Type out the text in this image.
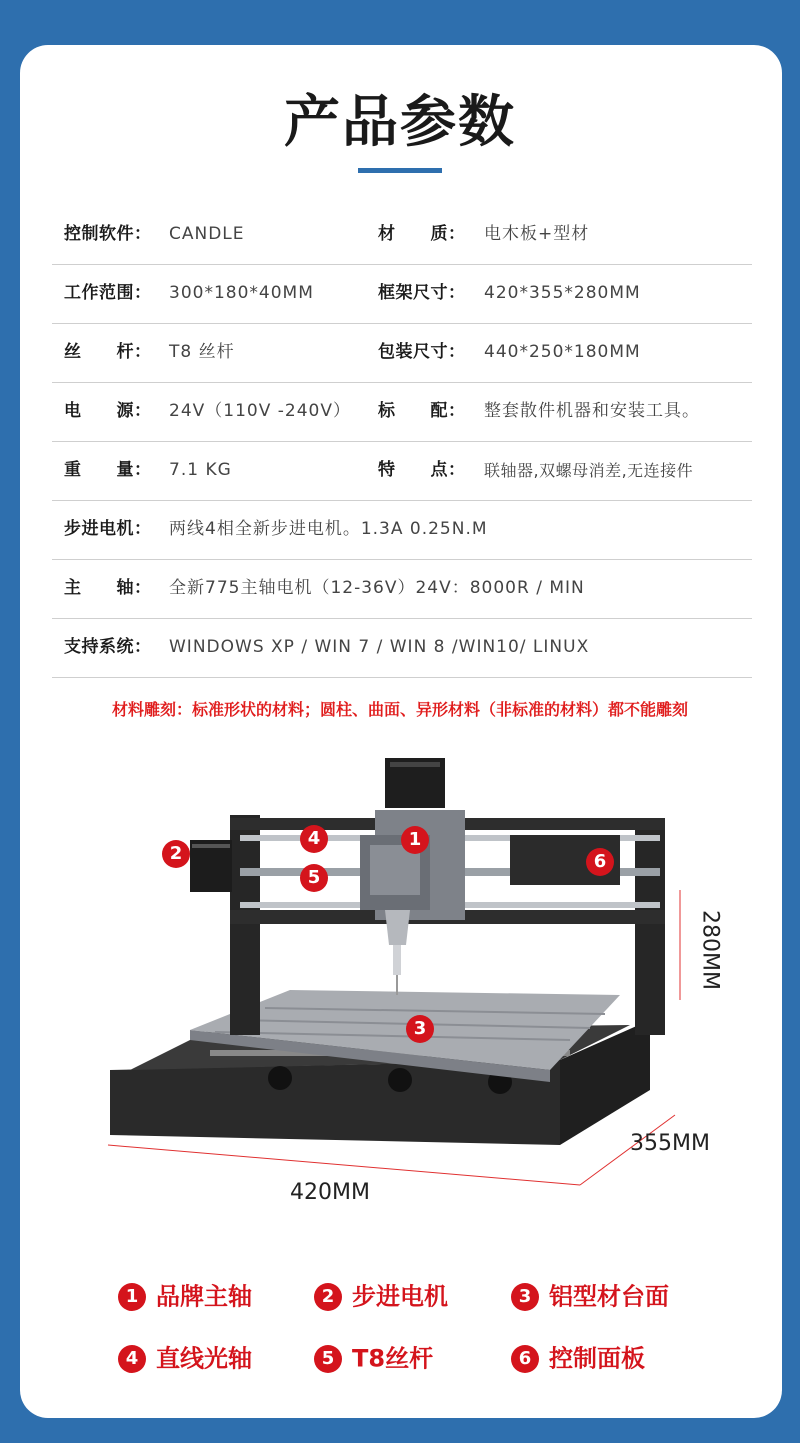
产品参数
控制软件： CANDLE	材　　质： 电木板+型材
工作范围： 300*180*40MM	框架尺寸： 420*355*280MM
丝　　杆： T8 丝杆	包装尺寸： 440*250*180MM
电　　源： 24V（110V -240V） 标　　配： 整套散件机器和安装工具。
重　　量： 7.1 KG	特　　点： 联轴器,双螺母消差,无连接件
步进电机： 两线4相全新步进电机。1.3A 0.25N.M
主　　轴： 全新775主轴电机（12-36V）24V：8000R / MIN
支持系统： WINDOWS XP / WIN 7 / WIN 8 /WIN10/ LINUX
材料雕刻：标准形状的材料；圆柱、曲面、异形材料（非标准的材料）都不能雕刻
280MM
355MM
420MM
1
2
3
4
5
6
1 品牌主轴	2 步进电机	3 铝型材台面
4 直线光轴	5 T8丝杆	6 控制面板
